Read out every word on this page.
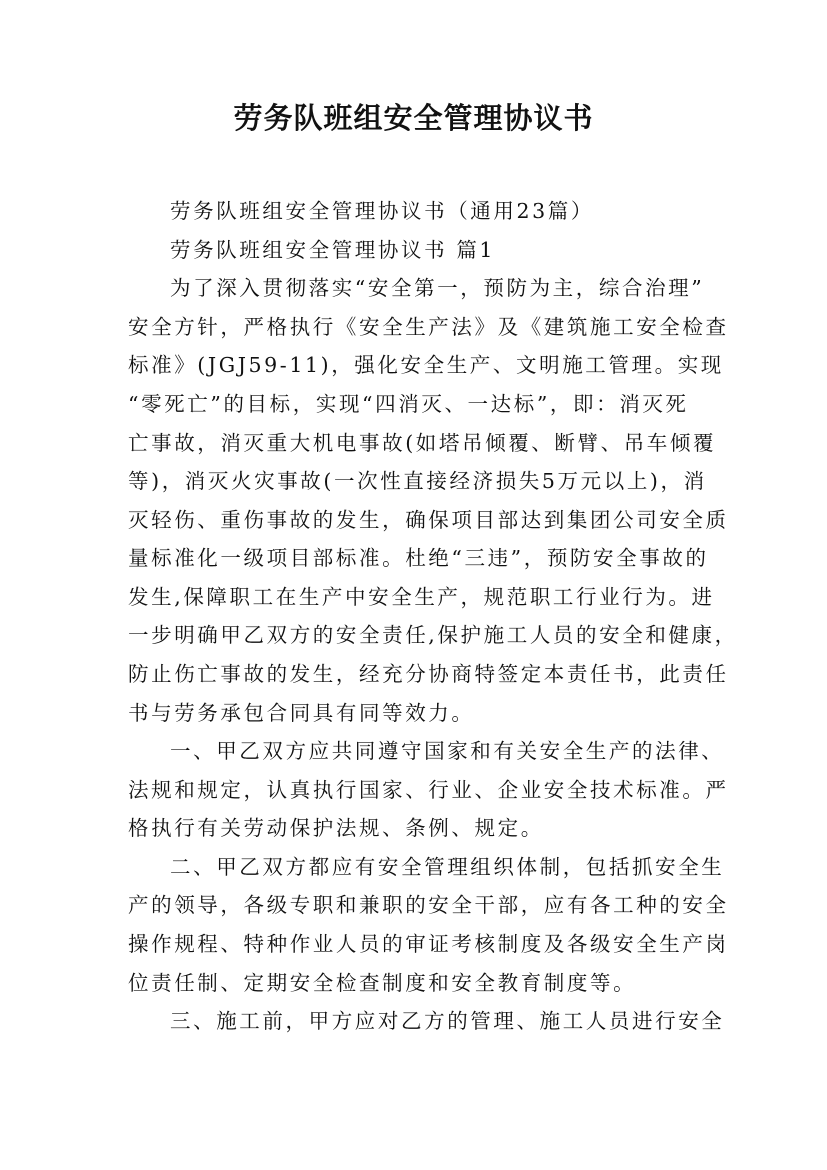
劳务队班组安全管理协议书
劳务队班组安全管理协议书（通用23篇）
劳务队班组安全管理协议书 篇1
为了深入贯彻落实“安全第一，预防为主，综合治理”
安全方针，严格执行《安全生产法》及《建筑施工安全检查
标准》(JGJ59-11)，强化安全生产、文明施工管理。实现
“零死亡”的目标，实现“四消灭、一达标”，即：消灭死
亡事故，消灭重大机电事故(如塔吊倾覆、断臂、吊车倾覆
等)，消灭火灾事故(一次性直接经济损失5万元以上)，消
灭轻伤、重伤事故的发生，确保项目部达到集团公司安全质
量标准化一级项目部标准。杜绝“三违”，预防安全事故的
发生,保障职工在生产中安全生产，规范职工行业行为。进
一步明确甲乙双方的安全责任,保护施工人员的安全和健康，
防止伤亡事故的发生，经充分协商特签定本责任书，此责任
书与劳务承包合同具有同等效力。
一、甲乙双方应共同遵守国家和有关安全生产的法律、
法规和规定，认真执行国家、行业、企业安全技术标准。严
格执行有关劳动保护法规、条例、规定。
二、甲乙双方都应有安全管理组织体制，包括抓安全生
产的领导，各级专职和兼职的安全干部，应有各工种的安全
操作规程、特种作业人员的审证考核制度及各级安全生产岗
位责任制、定期安全检查制度和安全教育制度等。
三、施工前，甲方应对乙方的管理、施工人员进行安全
